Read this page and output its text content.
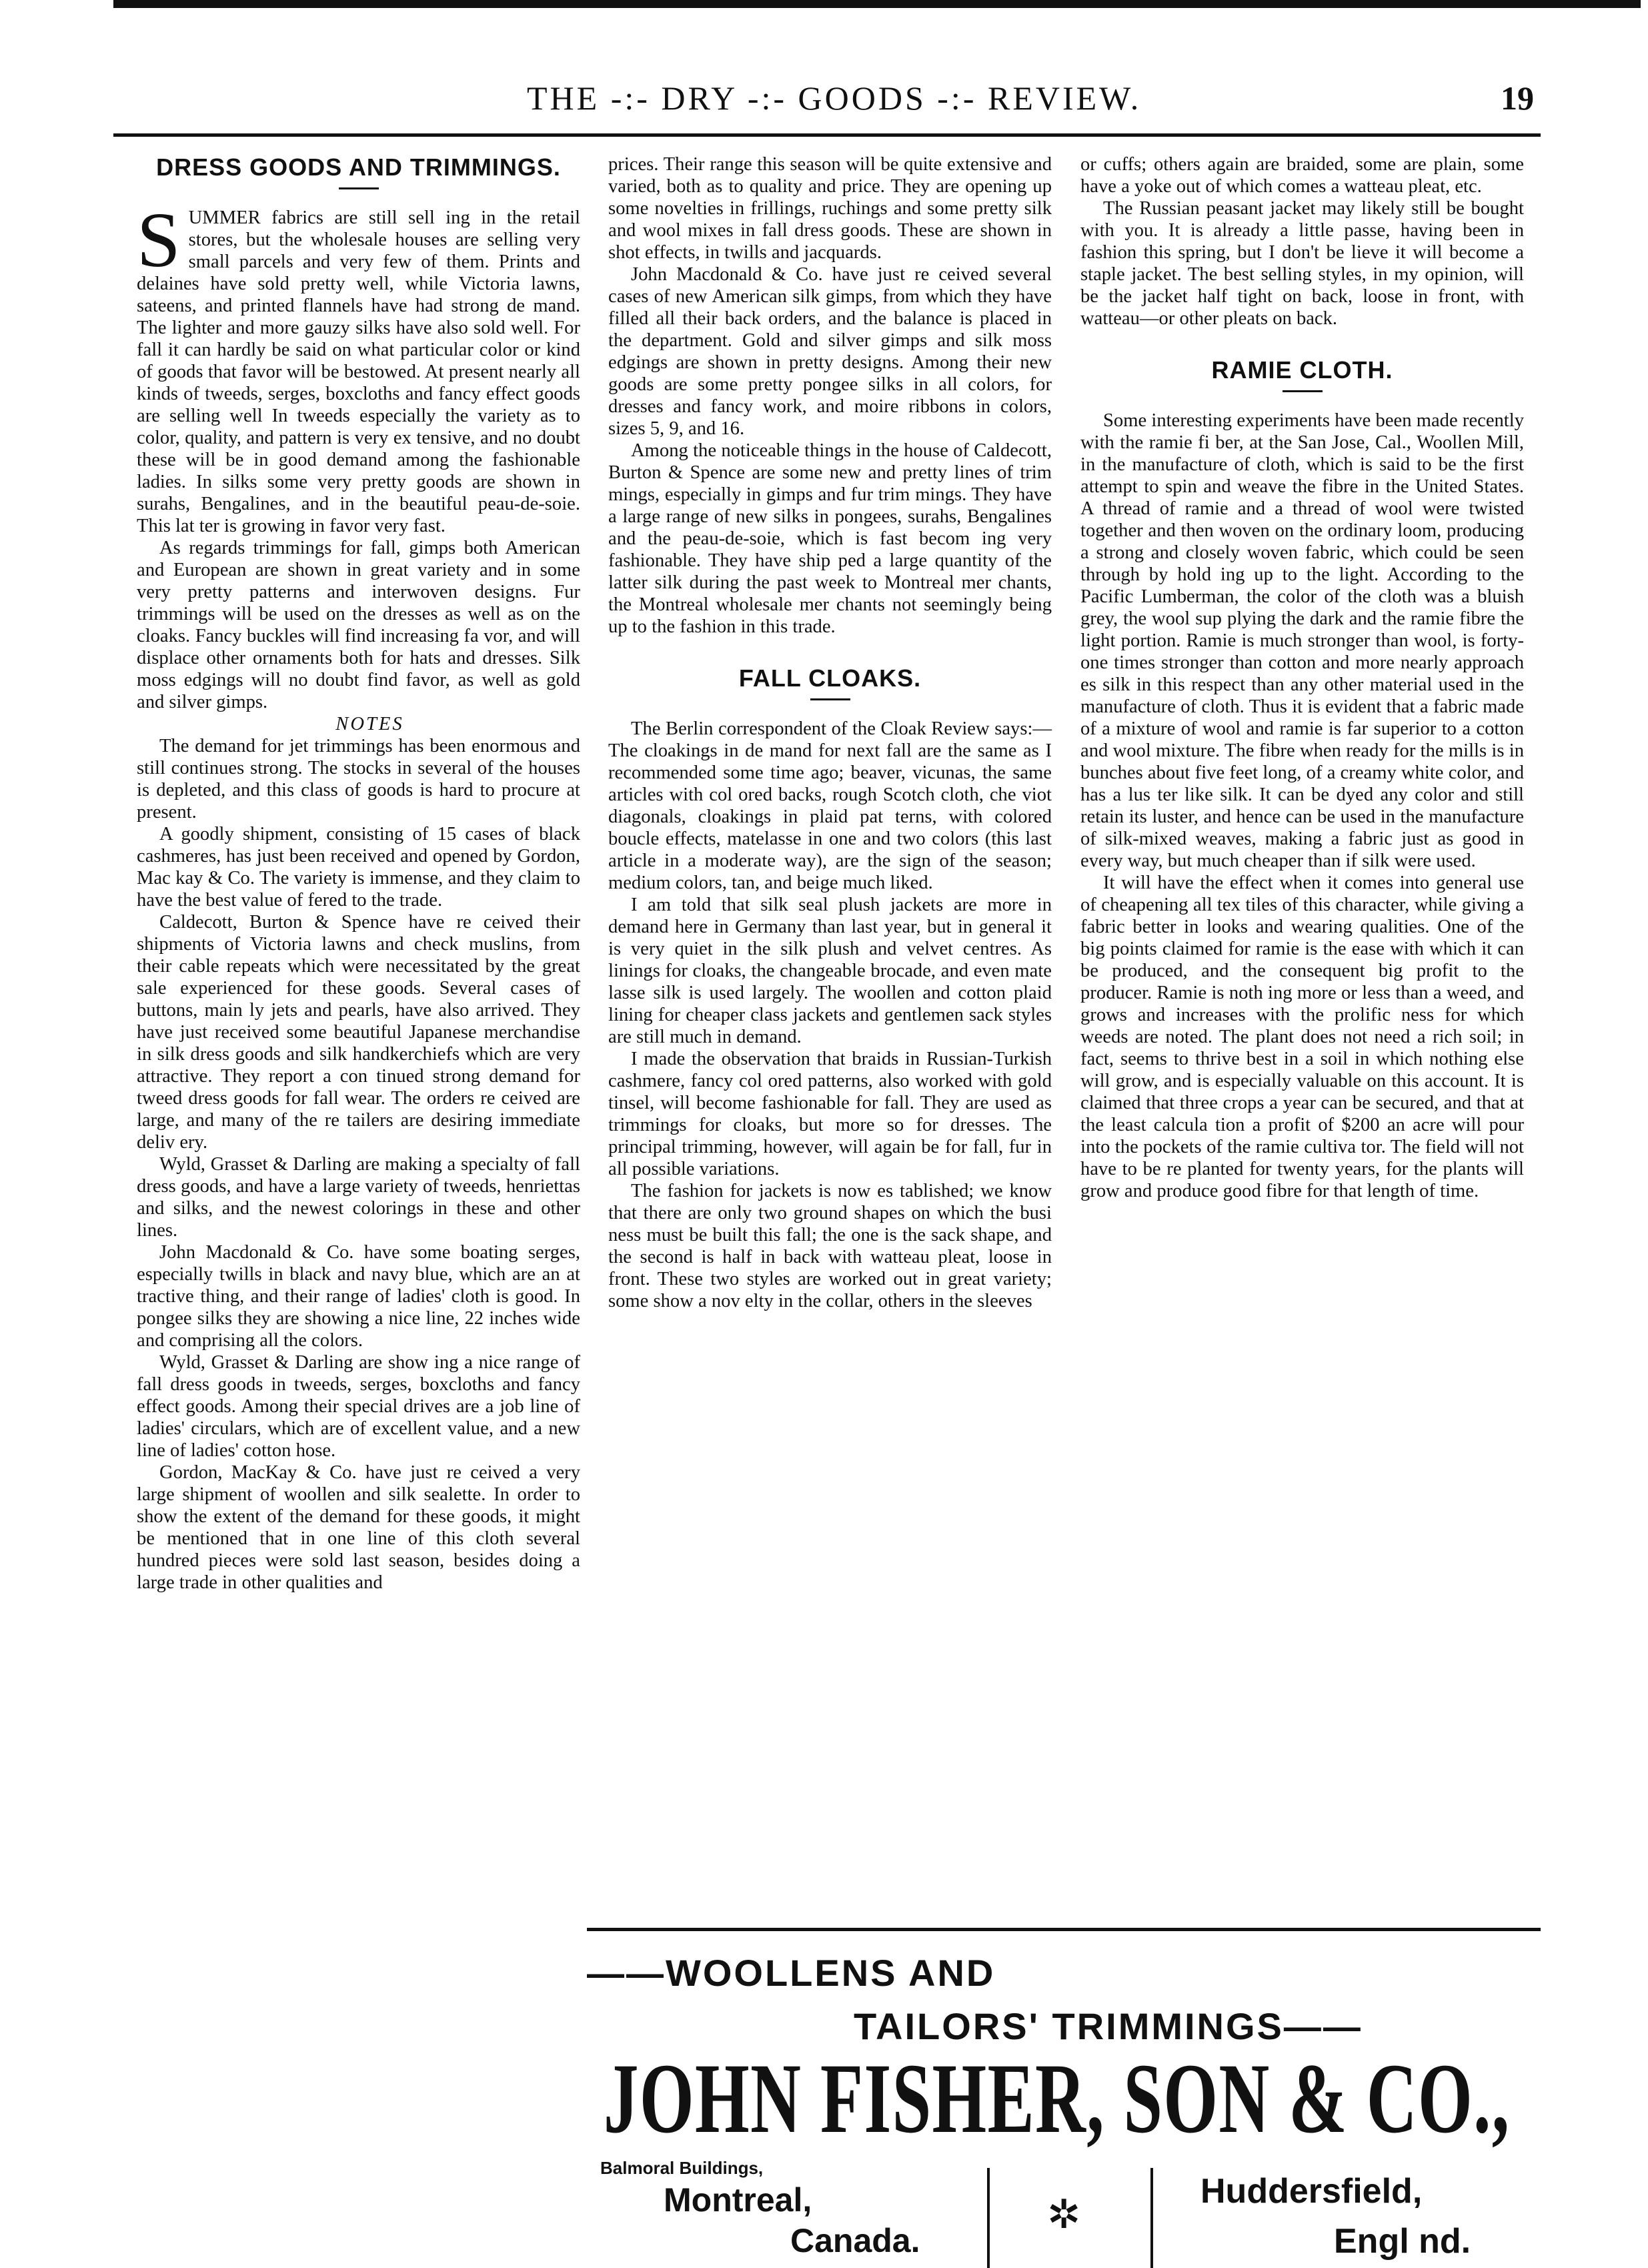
THE -:- DRY -:- GOODS -:- REVIEW.	19
DRESS GOODS AND TRIMMINGS.

SUMMER fabrics are still sell ing in the retail stores, but the wholesale houses are selling very small parcels and very few of them. Prints and delaines have sold pretty well, while Victoria lawns, sateens, and printed flannels have had strong de mand. The lighter and more gauzy silks have also sold well. For fall it can hardly be said on what particular color or kind of goods that favor will be bestowed. At present nearly all kinds of tweeds, serges, boxcloths and fancy effect goods are selling well In tweeds especially the variety as to color, quality, and pattern is very ex tensive, and no doubt these will be in good demand among the fashionable ladies. In silks some very pretty goods are shown in surahs, Bengalines, and in the beautiful peau-de-soie. This lat ter is growing in favor very fast.

As regards trimmings for fall, gimps both American and European are shown in great variety and in some very pretty patterns and interwoven designs. Fur trimmings will be used on the dresses as well as on the cloaks. Fancy buckles will find increasing fa vor, and will displace other ornaments both for hats and dresses. Silk moss edgings will no doubt find favor, as well as gold and silver gimps.

NOTES

The demand for jet trimmings has been enormous and still continues strong. The stocks in several of the houses is depleted, and this class of goods is hard to procure at present.

A goodly shipment, consisting of 15 cases of black cashmeres, has just been received and opened by Gordon, Mac kay & Co. The variety is immense, and they claim to have the best value of fered to the trade.

Caldecott, Burton & Spence have re ceived their shipments of Victoria lawns and check muslins, from their cable repeats which were necessitated by the great sale experienced for these goods. Several cases of buttons, main ly jets and pearls, have also arrived. They have just received some beautiful Japanese merchandise in silk dress goods and silk handkerchiefs which are very attractive. They report a con tinued strong demand for tweed dress goods for fall wear. The orders re ceived are large, and many of the re tailers are desiring immediate deliv ery.

Wyld, Grasset & Darling are making a specialty of fall dress goods, and have a large variety of tweeds, henriettas and silks, and the newest colorings in these and other lines.

John Macdonald & Co. have some boating serges, especially twills in black and navy blue, which are an at tractive thing, and their range of ladies' cloth is good. In pongee silks they are showing a nice line, 22 inches wide and comprising all the colors.

Wyld, Grasset & Darling are show ing a nice range of fall dress goods in tweeds, serges, boxcloths and fancy effect goods. Among their special drives are a job line of ladies' circulars, which are of excellent value, and a new line of ladies' cotton hose.

Gordon, MacKay & Co. have just re ceived a very large shipment of woollen and silk sealette. In order to show the extent of the demand for these goods, it might be mentioned that in one line of this cloth several hundred pieces were sold last season, besides doing a large trade in other qualities and

prices. Their range this season will be quite extensive and varied, both as to quality and price. They are opening up some novelties in frillings, ruchings and some pretty silk and wool mixes in fall dress goods. These are shown in shot effects, in twills and jacquards.

John Macdonald & Co. have just re ceived several cases of new American silk gimps, from which they have filled all their back orders, and the balance is placed in the department. Gold and silver gimps and silk moss edgings are shown in pretty designs. Among their new goods are some pretty pongee silks in all colors, for dresses and fancy work, and moire ribbons in colors, sizes 5, 9, and 16.

Among the noticeable things in the house of Caldecott, Burton & Spence are some new and pretty lines of trim mings, especially in gimps and fur trim mings. They have a large range of new silks in pongees, surahs, Bengalines and the peau-de-soie, which is fast becom ing very fashionable. They have ship ped a large quantity of the latter silk during the past week to Montreal mer chants, the Montreal wholesale mer chants not seemingly being up to the fashion in this trade.

FALL CLOAKS.

The Berlin correspondent of the Cloak Review says:—The cloakings in de mand for next fall are the same as I recommended some time ago; beaver, vicunas, the same articles with col ored backs, rough Scotch cloth, che viot diagonals, cloakings in plaid pat terns, with colored boucle effects, matelasse in one and two colors (this last article in a moderate way), are the sign of the season; medium colors, tan, and beige much liked.

I am told that silk seal plush jackets are more in demand here in Germany than last year, but in general it is very quiet in the silk plush and velvet centres. As linings for cloaks, the changeable brocade, and even mate lasse silk is used largely. The woollen and cotton plaid lining for cheaper class jackets and gentlemen sack styles are still much in demand.

I made the observation that braids in Russian-Turkish cashmere, fancy col ored patterns, also worked with gold tinsel, will become fashionable for fall. They are used as trimmings for cloaks, but more so for dresses. The principal trimming, however, will again be for fall, fur in all possible variations.

The fashion for jackets is now es tablished; we know that there are only two ground shapes on which the busi ness must be built this fall; the one is the sack shape, and the second is half in back with watteau pleat, loose in front. These two styles are worked out in great variety; some show a nov elty in the collar, others in the sleeves

or cuffs; others again are braided, some are plain, some have a yoke out of which comes a watteau pleat, etc.

The Russian peasant jacket may likely still be bought with you. It is already a little passe, having been in fashion this spring, but I don't be lieve it will become a staple jacket. The best selling styles, in my opinion, will be the jacket half tight on back, loose in front, with watteau—or other pleats on back.

RAMIE CLOTH.

Some interesting experiments have been made recently with the ramie fi ber, at the San Jose, Cal., Woollen Mill, in the manufacture of cloth, which is said to be the first attempt to spin and weave the fibre in the United States. A thread of ramie and a thread of wool were twisted together and then woven on the ordinary loom, producing a strong and closely woven fabric, which could be seen through by hold ing up to the light. According to the Pacific Lumberman, the color of the cloth was a bluish grey, the wool sup plying the dark and the ramie fibre the light portion. Ramie is much stronger than wool, is forty-one times stronger than cotton and more nearly approach es silk in this respect than any other material used in the manufacture of cloth. Thus it is evident that a fabric made of a mixture of wool and ramie is far superior to a cotton and wool mixture. The fibre when ready for the mills is in bunches about five feet long, of a creamy white color, and has a lus ter like silk. It can be dyed any color and still retain its luster, and hence can be used in the manufacture of silk-mixed weaves, making a fabric just as good in every way, but much cheaper than if silk were used.

It will have the effect when it comes into general use of cheapening all tex tiles of this character, while giving a fabric better in looks and wearing qualities. One of the big points claimed for ramie is the ease with which it can be produced, and the consequent big profit to the producer. Ramie is noth ing more or less than a weed, and grows and increases with the prolific ness for which weeds are noted. The plant does not need a rich soil; in fact, seems to thrive best in a soil in which nothing else will grow, and is especially valuable on this account. It is claimed that three crops a year can be secured, and that at the least calcula tion a profit of $200 an acre will pour into the pockets of the ramie cultiva tor. The field will not have to be re planted for twenty years, for the plants will grow and produce good fibre for that length of time.

——WOOLLENS AND
TAILORS' TRIMMINGS——
JOHN FISHER, SON & CO.,
Balmoral Buildings,
Montreal,
Canada.
✲
Huddersfield,
Engl nd.
